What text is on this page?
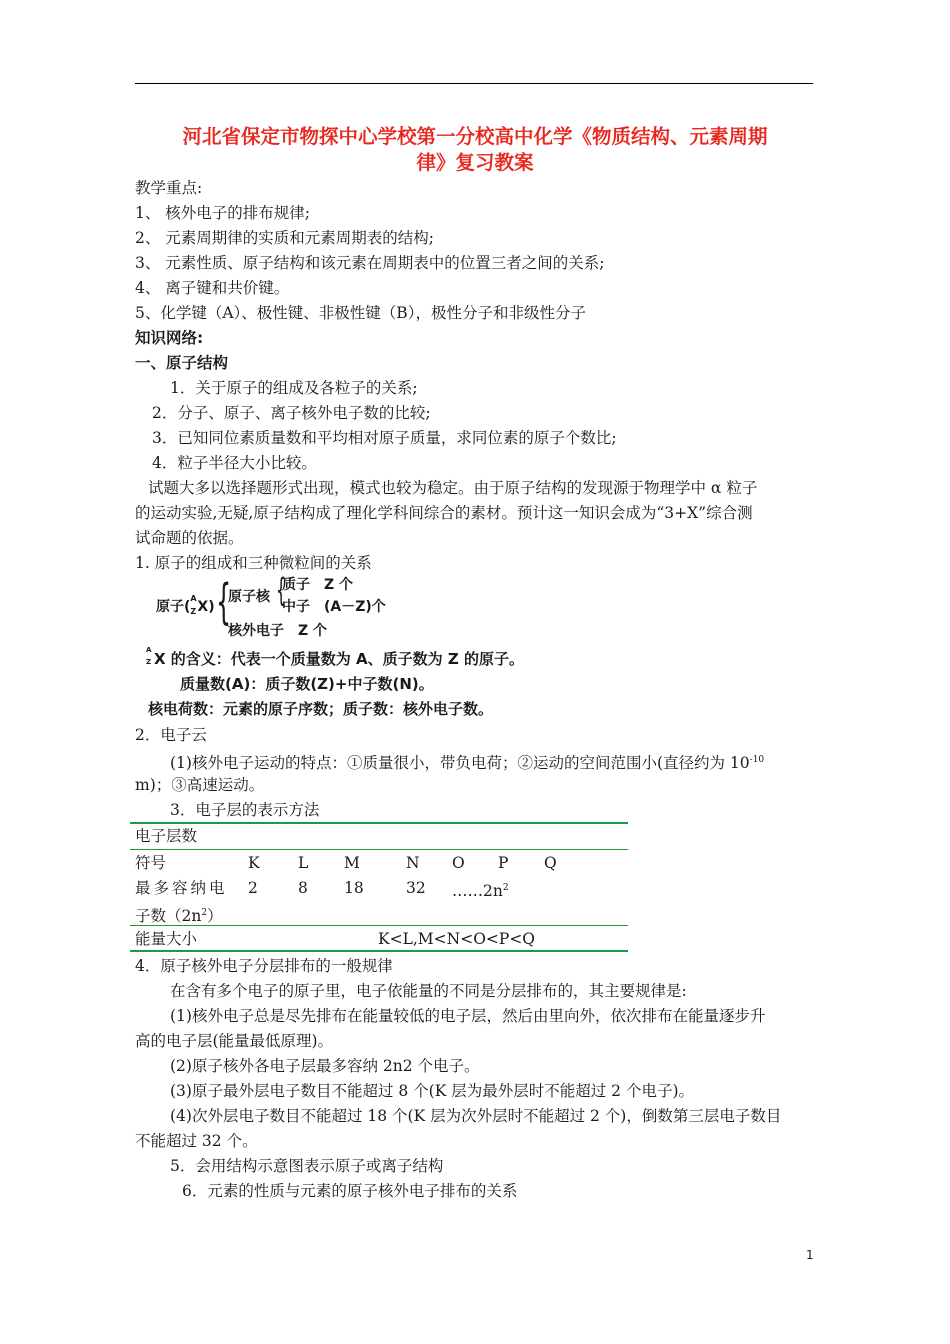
河北省保定市物探中心学校第一分校高中化学《物质结构、元素周期
律》复习教案
教学重点:
1、 核外电子的排布规律;
2、 元素周期律的实质和元素周期表的结构;
3、 元素性质、原子结构和该元素在周期表中的位置三者之间的关系;
4、 离子键和共价键。
5、化学键（A）、极性键、非极性键（B），极性分子和非级性分子
知识网络:
一、原子结构
1．关于原子的组成及各粒子的关系;
2．分子、原子、离子核外电子数的比较;
3．已知同位素质量数和平均相对原子质量，求同位素的原子个数比;
4．粒子半径大小比较。
试题大多以选择题形式出现，模式也较为稳定。由于原子结构的发现源于物理学中 α 粒子
的运动实验,无疑,原子结构成了理化学科间综合的素材。预计这一知识会成为“3+X”综合测
试命题的依据。
1. 原子的组成和三种微粒间的关系
原子(
A
Z X) {
原子核 {
质子　Z 个
中子　(A－Z)个
核外电子　Z 个
A
Z X 的含义：代表一个质量数为 A、质子数为 Z 的原子。
质量数(A)：质子数(Z)+中子数(N)。
核电荷数：元素的原子序数；质子数：核外电子数。
2．电子云
(1)核外电子运动的特点：①质量很小，带负电荷；②运动的空间范围小(直径约为 $10^{-10}$
m)；③高速运动。
3．电子层的表示方法
电子层数
符号	K L M	N O P Q
最多容纳电 2	8 18	32 $\dots\dots 2n^2$
子数$(2n^2)$
能量大小	K<L,M<N<O<P<Q
4．原子核外电子分层排布的一般规律
在含有多个电子的原子里，电子依能量的不同是分层排布的，其主要规律是:
(1)核外电子总是尽先排布在能量较低的电子层，然后由里向外，依次排布在能量逐步升
高的电子层(能量最低原理)。
(2)原子核外各电子层最多容纳 2n2 个电子。
(3)原子最外层电子数目不能超过 8 个(K 层为最外层时不能超过 2 个电子)。
(4)次外层电子数目不能超过 18 个(K 层为次外层时不能超过 2 个)，倒数第三层电子数目
不能超过 32 个。
5．会用结构示意图表示原子或离子结构
6．元素的性质与元素的原子核外电子排布的关系
1
